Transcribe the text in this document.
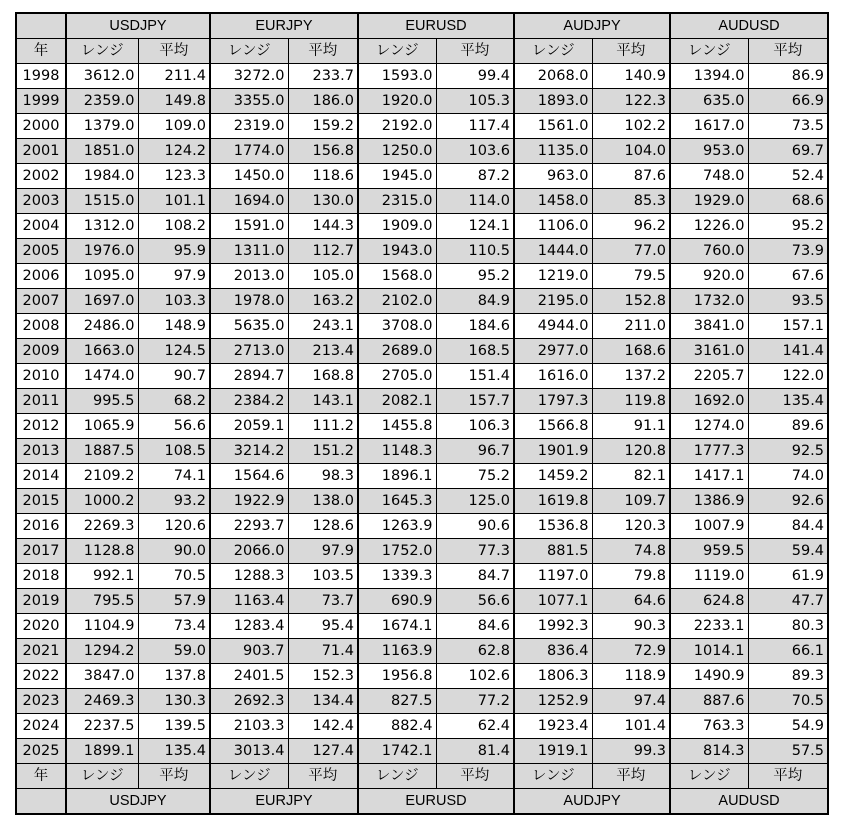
	USDJPY		EURJPY		EURUSD		AUDJPY		AUDUSD	
年	レンジ	平均	レンジ	平均	レンジ	平均	レンジ	平均	レンジ	平均
1998	3612.0	211.4	3272.0	233.7	1593.0	99.4	2068.0	140.9	1394.0	86.9
1999	2359.0	149.8	3355.0	186.0	1920.0	105.3	1893.0	122.3	635.0	66.9
2000	1379.0	109.0	2319.0	159.2	2192.0	117.4	1561.0	102.2	1617.0	73.5
2001	1851.0	124.2	1774.0	156.8	1250.0	103.6	1135.0	104.0	953.0	69.7
2002	1984.0	123.3	1450.0	118.6	1945.0	87.2	963.0	87.6	748.0	52.4
2003	1515.0	101.1	1694.0	130.0	2315.0	114.0	1458.0	85.3	1929.0	68.6
2004	1312.0	108.2	1591.0	144.3	1909.0	124.1	1106.0	96.2	1226.0	95.2
2005	1976.0	95.9	1311.0	112.7	1943.0	110.5	1444.0	77.0	760.0	73.9
2006	1095.0	97.9	2013.0	105.0	1568.0	95.2	1219.0	79.5	920.0	67.6
2007	1697.0	103.3	1978.0	163.2	2102.0	84.9	2195.0	152.8	1732.0	93.5
2008	2486.0	148.9	5635.0	243.1	3708.0	184.6	4944.0	211.0	3841.0	157.1
2009	1663.0	124.5	2713.0	213.4	2689.0	168.5	2977.0	168.6	3161.0	141.4
2010	1474.0	90.7	2894.7	168.8	2705.0	151.4	1616.0	137.2	2205.7	122.0
2011	995.5	68.2	2384.2	143.1	2082.1	157.7	1797.3	119.8	1692.0	135.4
2012	1065.9	56.6	2059.1	111.2	1455.8	106.3	1566.8	91.1	1274.0	89.6
2013	1887.5	108.5	3214.2	151.2	1148.3	96.7	1901.9	120.8	1777.3	92.5
2014	2109.2	74.1	1564.6	98.3	1896.1	75.2	1459.2	82.1	1417.1	74.0
2015	1000.2	93.2	1922.9	138.0	1645.3	125.0	1619.8	109.7	1386.9	92.6
2016	2269.3	120.6	2293.7	128.6	1263.9	90.6	1536.8	120.3	1007.9	84.4
2017	1128.8	90.0	2066.0	97.9	1752.0	77.3	881.5	74.8	959.5	59.4
2018	992.1	70.5	1288.3	103.5	1339.3	84.7	1197.0	79.8	1119.0	61.9
2019	795.5	57.9	1163.4	73.7	690.9	56.6	1077.1	64.6	624.8	47.7
2020	1104.9	73.4	1283.4	95.4	1674.1	84.6	1992.3	90.3	2233.1	80.3
2021	1294.2	59.0	903.7	71.4	1163.9	62.8	836.4	72.9	1014.1	66.1
2022	3847.0	137.8	2401.5	152.3	1956.8	102.6	1806.3	118.9	1490.9	89.3
2023	2469.3	130.3	2692.3	134.4	827.5	77.2	1252.9	97.4	887.6	70.5
2024	2237.5	139.5	2103.3	142.4	882.4	62.4	1923.4	101.4	763.3	54.9
2025	1899.1	135.4	3013.4	127.4	1742.1	81.4	1919.1	99.3	814.3	57.5
年	レンジ	平均	レンジ	平均	レンジ	平均	レンジ	平均	レンジ	平均
	USDJPY		EURJPY		EURUSD		AUDJPY		AUDUSD	
